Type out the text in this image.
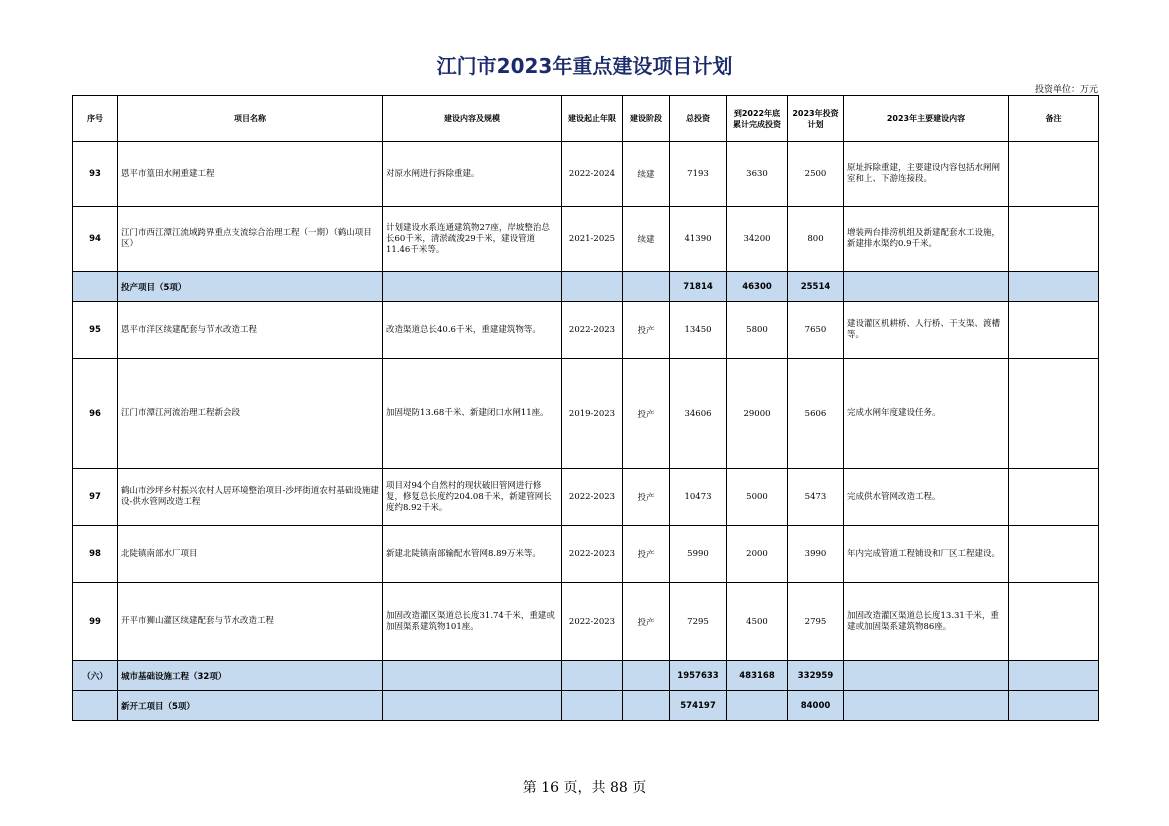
江门市2023年重点建设项目计划
投资单位：万元
序号	项目名称	建设内容及规模	建设起止年限	建设阶段	总投资	到2022年底累计完成投资	2023年投资计划	2023年主要建设内容	备注
93	恩平市篁田水闸重建工程	对原水闸进行拆除重建。	2022-2024	续建	7193	3630	2500	原址拆除重建，主要建设内容包括水闸闸室和上、下游连接段。	
94	江门市西江潭江流域跨界重点支流综合治理工程（一期）（鹤山项目区）	计划建设水系连通建筑物27座，岸坡整治总长60千米，清淤疏浚29千米，建设管道11.46千米等。	2021-2025	续建	41390	34200	800	增装两台排涝机组及新建配套水工设施，新建排水渠约0.9千米。	
	投产项目（5项）				71814	46300	25514		
95	恩平市洋区续建配套与节水改造工程	改造渠道总长40.6千米，重建建筑物等。	2022-2023	投产	13450	5800	7650	建设灌区机耕桥、人行桥、干支渠、渡槽等。	
96	江门市潭江河流治理工程新会段	加固堤防13.68千米、新建闭口水闸11座。	2019-2023	投产	34606	29000	5606	完成水闸年度建设任务。	
97	鹤山市沙坪乡村振兴农村人居环境整治项目-沙坪街道农村基础设施建设-供水管网改造工程	项目对94个自然村的现状破旧管网进行修复，修复总长度约204.08千米，新建管网长度约8.92千米。	2022-2023	投产	10473	5000	5473	完成供水管网改造工程。	
98	北陡镇南部水厂项目	新建北陡镇南部输配水管网8.89万米等。	2022-2023	投产	5990	2000	3990	年内完成管道工程铺设和厂区工程建设。	
99	开平市狮山灌区续建配套与节水改造工程	加固改造灌区渠道总长度31.74千米，重建或加固渠系建筑物101座。	2022-2023	投产	7295	4500	2795	加固改造灌区渠道总长度13.31千米，重建或加固渠系建筑物86座。	
（六）	城市基础设施工程（32项）				1957633	483168	332959		
	新开工项目（5项）				574197		84000		
第 16 页，共 88 页
